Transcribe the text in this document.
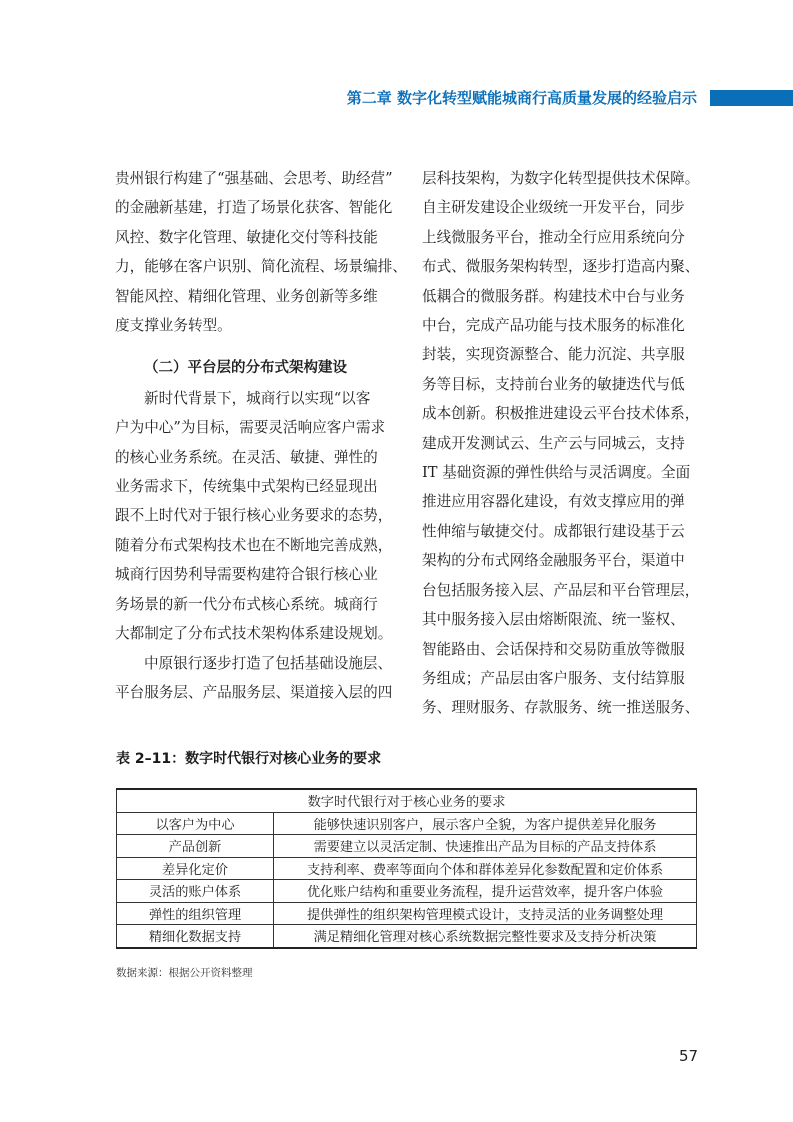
第二章 数字化转型赋能城商行高质量发展的经验启示
贵州银行构建了“强基础、会思考、助经营”
的金融新基建，打造了场景化获客、智能化
风控、数字化管理、敏捷化交付等科技能
力，能够在客户识别、简化流程、场景编排、
智能风控、精细化管理、业务创新等多维
度支撑业务转型。
（二）平台层的分布式架构建设
新时代背景下，城商行以实现“以客
户为中心”为目标，需要灵活响应客户需求
的核心业务系统。在灵活、敏捷、弹性的
业务需求下，传统集中式架构已经显现出
跟不上时代对于银行核心业务要求的态势，
随着分布式架构技术也在不断地完善成熟，
城商行因势利导需要构建符合银行核心业
务场景的新一代分布式核心系统。城商行
大都制定了分布式技术架构体系建设规划。
中原银行逐步打造了包括基础设施层、
平台服务层、产品服务层、渠道接入层的四
层科技架构，为数字化转型提供技术保障。
自主研发建设企业级统一开发平台，同步
上线微服务平台，推动全行应用系统向分
布式、微服务架构转型，逐步打造高内聚、
低耦合的微服务群。构建技术中台与业务
中台，完成产品功能与技术服务的标准化
封装，实现资源整合、能力沉淀、共享服
务等目标，支持前台业务的敏捷迭代与低
成本创新。积极推进建设云平台技术体系，
建成开发测试云、生产云与同城云，支持
IT 基础资源的弹性供给与灵活调度。全面
推进应用容器化建设，有效支撑应用的弹
性伸缩与敏捷交付。成都银行建设基于云
架构的分布式网络金融服务平台，渠道中
台包括服务接入层、产品层和平台管理层，
其中服务接入层由熔断限流、统一鉴权、
智能路由、会话保持和交易防重放等微服
务组成；产品层由客户服务、支付结算服
务、理财服务、存款服务、统一推送服务、
表 2–11：数字时代银行对核心业务的要求
数字时代银行对于核心业务的要求	
以客户为中心	能够快速识别客户，展示客户全貌，为客户提供差异化服务
产品创新	需要建立以灵活定制、快速推出产品为目标的产品支持体系
差异化定价	支持利率、费率等面向个体和群体差异化参数配置和定价体系
灵活的账户体系	优化账户结构和重要业务流程，提升运营效率，提升客户体验
弹性的组织管理	提供弹性的组织架构管理模式设计，支持灵活的业务调整处理
精细化数据支持	满足精细化管理对核心系统数据完整性要求及支持分析决策
数据来源：根据公开资料整理
57
